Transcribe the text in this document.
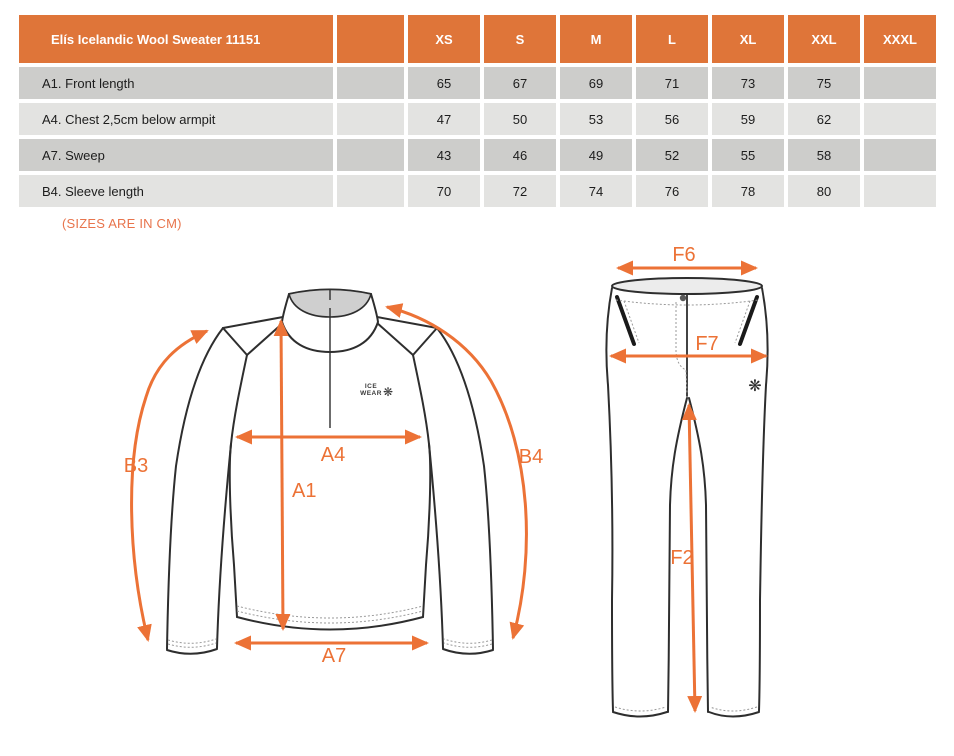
Elís Icelandic Wool Sweater 11151		XS	S	M	L	XL	XXL	XXXL
A1. Front length		65	67	69	71	73	75	
A4. Chest 2,5cm below armpit		47	50	53	56	59	62	
A7. Sweep		43	46	49	52	55	58	
B4. Sleeve length		70	72	74	76	78	80	
(SIZES ARE IN CM)
ICE
WEAR ❋
B3	A4
A1
B4
A7
❋
F6
F7
F2
